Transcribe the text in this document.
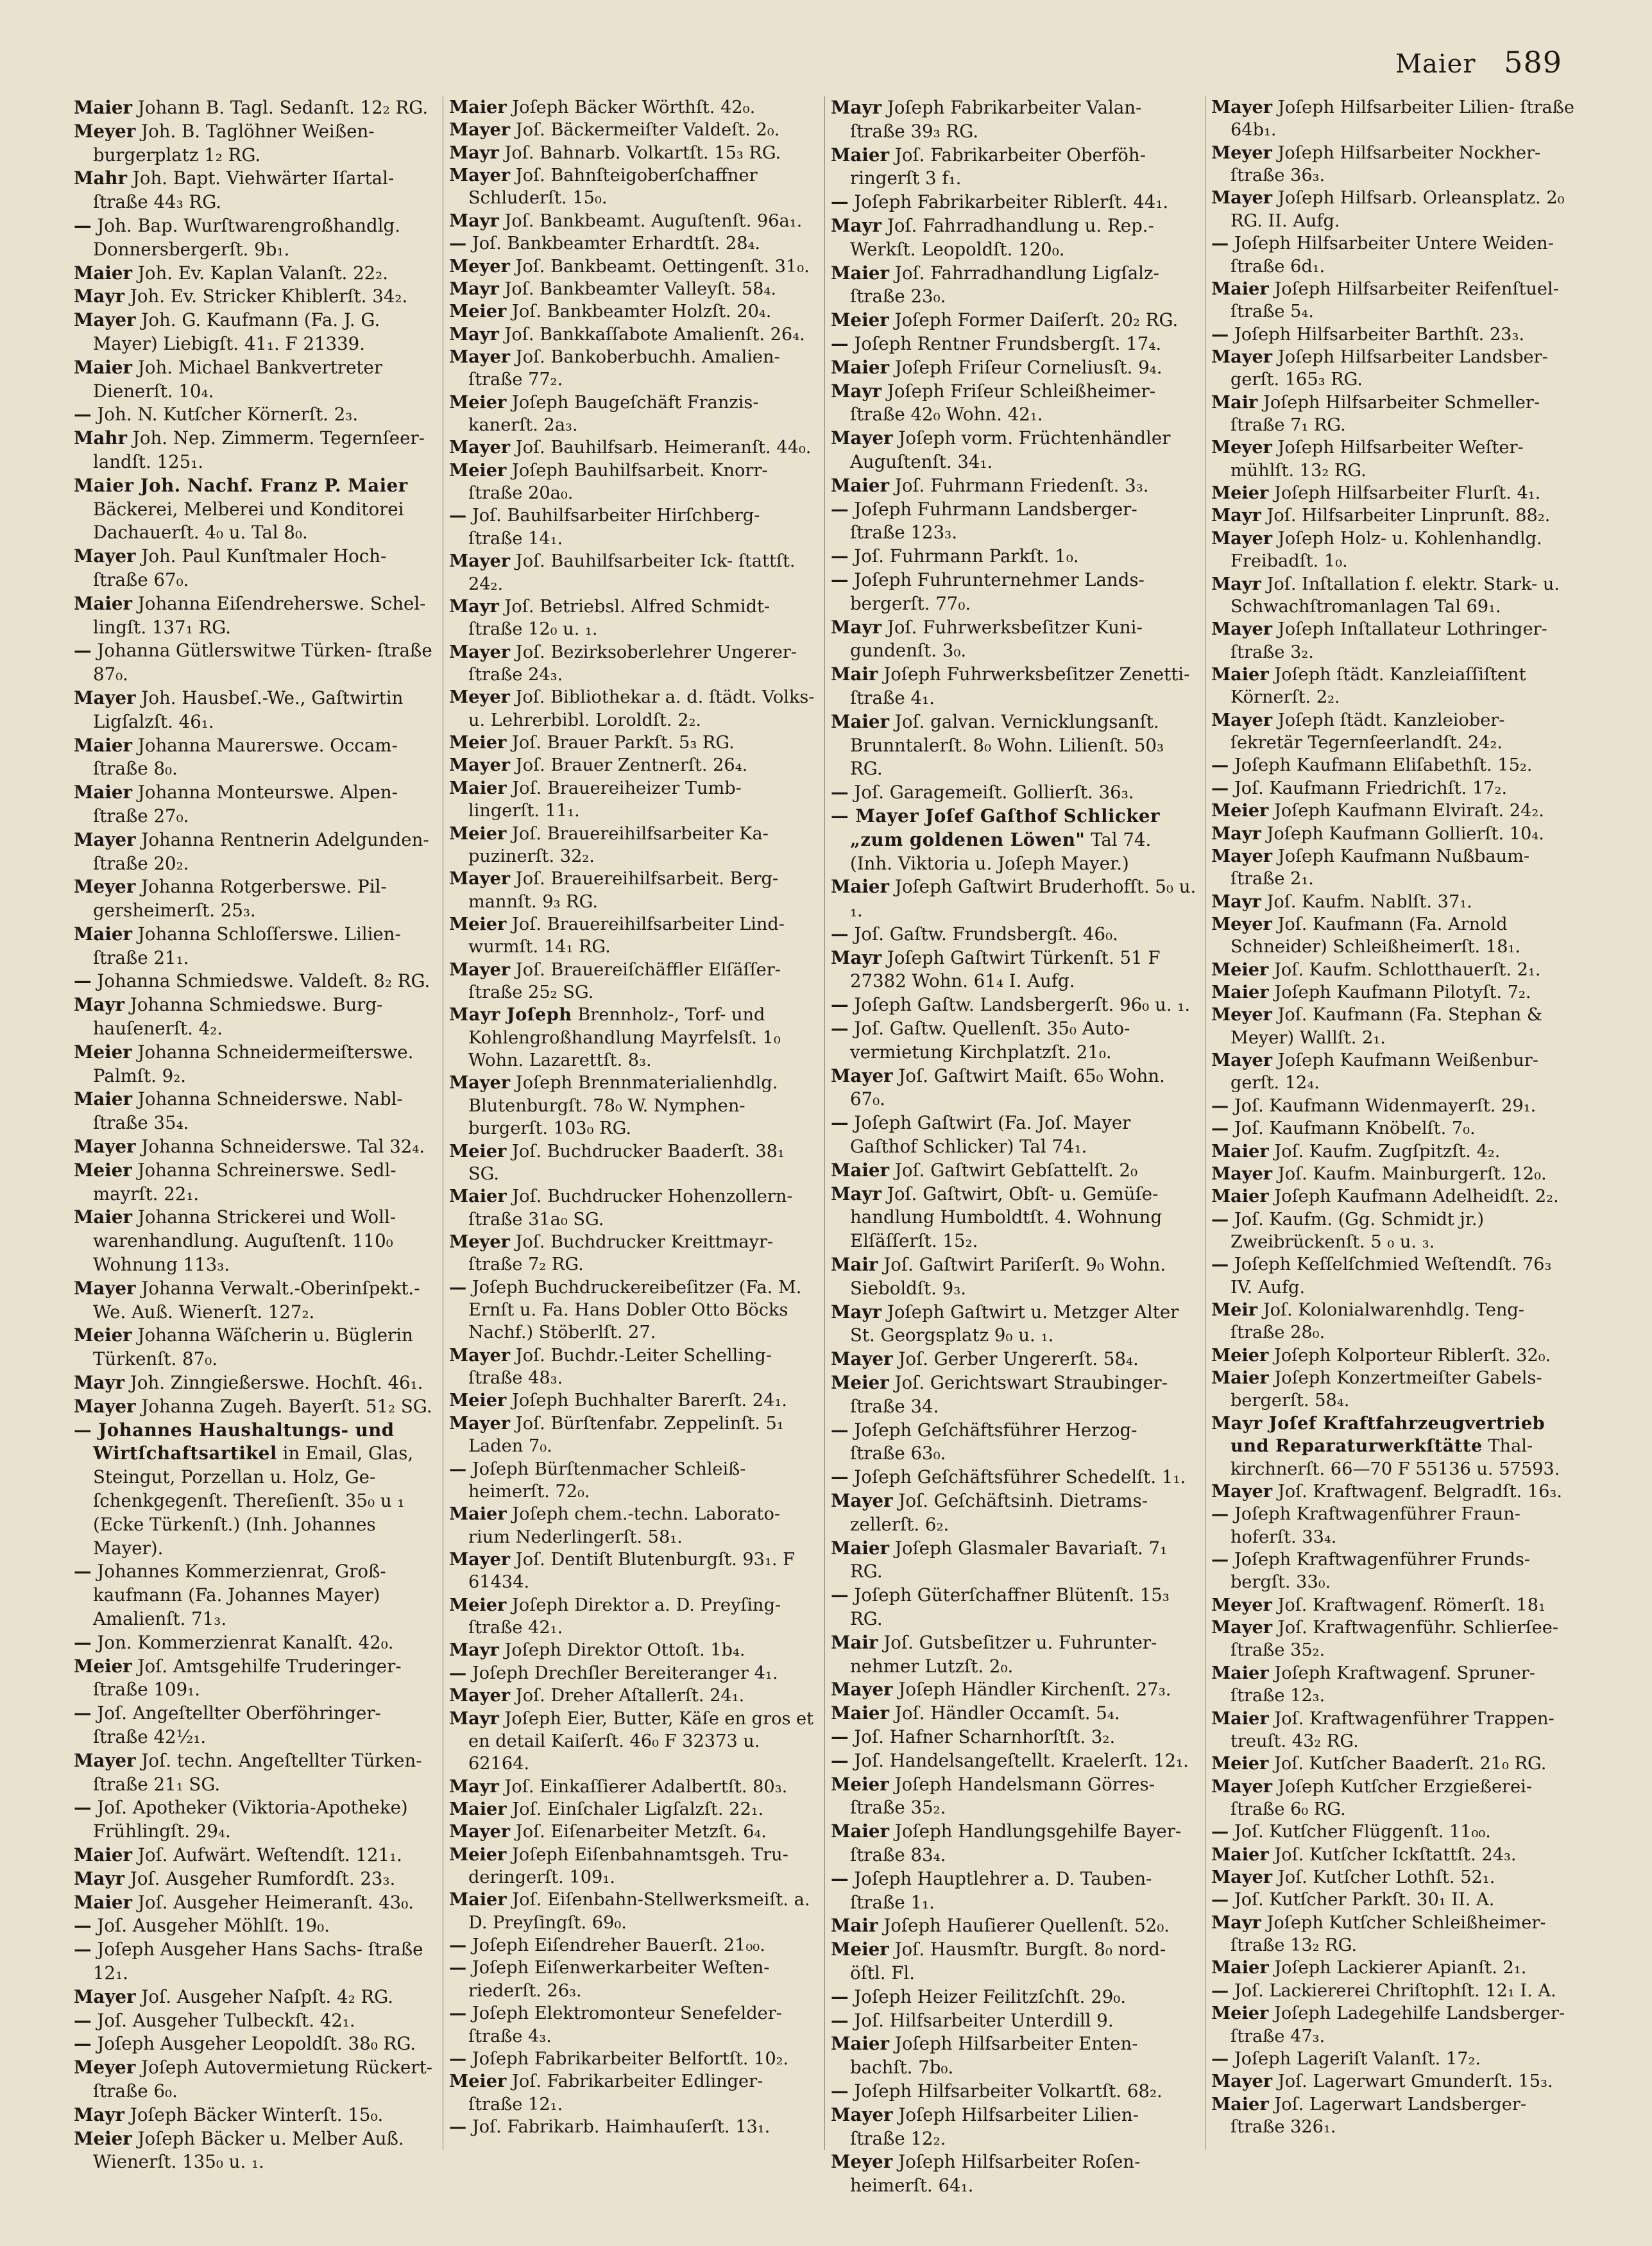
Maier 589
Maier Johann B. Tagl. Sedanſt. 12₂ RG.
Meyer Joh. B. Taglöhner Weißen- burgerplatz 1₂ RG.
Mahr Joh. Bapt. Viehwärter Iſartal- ſtraße 44₃ RG.
— Joh. Bap. Wurſtwarengroßhandlg. Donnersbergerſt. 9b₁.
Maier Joh. Ev. Kaplan Valanſt. 22₂.
Mayr Joh. Ev. Stricker Khiblerſt. 34₂.
Mayer Joh. G. Kaufmann (Fa. J. G. Mayer) Liebigſt. 41₁. F 21339.
Maier Joh. Michael Bankvertreter Dienerſt. 10₄.
— Joh. N. Kutſcher Körnerſt. 2₃.
Mahr Joh. Nep. Zimmerm. Tegernſeer- landſt. 125₁.
Maier Joh. Nachf. Franz P. Maier Bäckerei, Melberei und Konditorei Dachauerſt. 4₀ u. Tal 8₀.
Mayer Joh. Paul Kunſtmaler Hoch- ſtraße 67₀.
Maier Johanna Eiſendreherswe. Schel- lingſt. 137₁ RG.
— Johanna Gütlerswitwe Türken- ſtraße 87₀.
Mayer Joh. Hausbeſ.-We., Gaſtwirtin Ligſalzſt. 46₁.
Maier Johanna Maurerswe. Occam- ſtraße 8₀.
Maier Johanna Monteurswe. Alpen- ſtraße 27₀.
Mayer Johanna Rentnerin Adelgunden- ſtraße 20₂.
Meyer Johanna Rotgerberswe. Pil- gersheimerſt. 25₃.
Maier Johanna Schloſſerswe. Lilien- ſtraße 21₁.
— Johanna Schmiedswe. Valdeſt. 8₂ RG.
Mayr Johanna Schmiedswe. Burg- hauſenerſt. 4₂.
Meier Johanna Schneidermeiſterswe. Palmſt. 9₂.
Maier Johanna Schneiderswe. Nabl- ſtraße 35₄.
Mayer Johanna Schneiderswe. Tal 32₄.
Meier Johanna Schreinerswe. Sedl- mayrſt. 22₁.
Maier Johanna Strickerei und Woll- warenhandlung. Auguſtenſt. 110₀ Wohnung 113₃.
Mayer Johanna Verwalt.-Oberinſpekt.- We. Auß. Wienerſt. 127₂.
Meier Johanna Wäſcherin u. Büglerin Türkenſt. 87₀.
Mayr Joh. Zinngießerswe. Hochſt. 46₁.
Mayer Johanna Zugeh. Bayerſt. 51₂ SG.
— Johannes Haushaltungs- und Wirtſchaftsartikel in Email, Glas, Steingut, Porzellan u. Holz, Ge- ſchenkgegenſt. Thereſienſt. 35₀ u ₁ (Ecke Türkenſt.) (Inh. Johannes Mayer).
— Johannes Kommerzienrat, Groß- kaufmann (Fa. Johannes Mayer) Amalienſt. 71₃.
— Jon. Kommerzienrat Kanalſt. 42₀.
Meier Joſ. Amtsgehilfe Truderinger- ſtraße 109₁.
— Joſ. Angeſtellter Oberföhringer- ſtraße 42½₁.
Mayer Joſ. techn. Angeſtellter Türken- ſtraße 21₁ SG.
— Joſ. Apotheker (Viktoria-Apotheke) Frühlingſt. 29₄.
Maier Joſ. Aufwärt. Weſtendſt. 121₁.
Mayr Joſ. Ausgeher Rumfordſt. 23₃.
Maier Joſ. Ausgeher Heimeranſt. 43₀.
— Joſ. Ausgeher Möhlſt. 19₀.
— Joſeph Ausgeher Hans Sachs- ſtraße 12₁.
Mayer Joſ. Ausgeher Naſpſt. 4₂ RG.
— Joſ. Ausgeher Tulbeckſt. 42₁.
— Joſeph Ausgeher Leopoldſt. 38₀ RG.
Meyer Joſeph Autovermietung Rückert- ſtraße 6₀.
Mayr Joſeph Bäcker Winterſt. 15₀.
Meier Joſeph Bäcker u. Melber Auß. Wienerſt. 135₀ u. ₁.
Maier Joſeph Bäcker Wörthſt. 42₀.
Mayer Joſ. Bäckermeiſter Valdeſt. 2₀.
Mayr Joſ. Bahnarb. Volkartſt. 15₃ RG.
Mayer Joſ. Bahnſteigoberſchaffner Schluderſt. 15₀.
Mayr Joſ. Bankbeamt. Auguſtenſt. 96a₁.
— Joſ. Bankbeamter Erhardtſt. 28₄.
Meyer Joſ. Bankbeamt. Oettingenſt. 31₀.
Mayr Joſ. Bankbeamter Valleyſt. 58₄.
Meier Joſ. Bankbeamter Holzſt. 20₄.
Mayr Joſ. Bankkaſſabote Amalienſt. 26₄.
Mayer Joſ. Bankoberbuchh. Amalien- ſtraße 77₂.
Meier Joſeph Baugeſchäft Franzis- kanerſt. 2a₃.
Mayer Joſ. Bauhilfsarb. Heimeranſt. 44₀.
Meier Joſeph Bauhilfsarbeit. Knorr- ſtraße 20a₀.
— Joſ. Bauhilfsarbeiter Hirſchberg- ſtraße 14₁.
Mayer Joſ. Bauhilfsarbeiter Ick- ſtattſt. 24₂.
Mayr Joſ. Betriebsl. Alfred Schmidt- ſtraße 12₀ u. ₁.
Mayer Joſ. Bezirksoberlehrer Ungerer- ſtraße 24₃.
Meyer Joſ. Bibliothekar a. d. ſtädt. Volks- u. Lehrerbibl. Loroldſt. 2₂.
Meier Joſ. Brauer Parkſt. 5₃ RG.
Mayer Joſ. Brauer Zentnerſt. 26₄.
Maier Joſ. Brauereiheizer Tumb- lingerſt. 11₁.
Meier Joſ. Brauereihilfsarbeiter Ka- puzinerſt. 32₂.
Mayer Joſ. Brauereihilfsarbeit. Berg- mannſt. 9₃ RG.
Meier Joſ. Brauereihilfsarbeiter Lind- wurmſt. 14₁ RG.
Mayer Joſ. Brauereiſchäffler Elſäſſer- ſtraße 25₂ SG.
Mayr Joſeph Brennholz-, Torf- und Kohlengroßhandlung Mayrfelsſt. 1₀ Wohn. Lazarettſt. 8₃.
Mayer Joſeph Brennmaterialienhdlg. Blutenburgſt. 78₀ W. Nymphen- burgerſt. 103₀ RG.
Meier Joſ. Buchdrucker Baaderſt. 38₁ SG.
Maier Joſ. Buchdrucker Hohenzollern- ſtraße 31a₀ SG.
Meyer Joſ. Buchdrucker Kreittmayr- ſtraße 7₂ RG.
— Joſeph Buchdruckereibeſitzer (Fa. M. Ernſt u. Fa. Hans Dobler Otto Böcks Nachf.) Stöberlſt. 27.
Mayer Joſ. Buchdr.-Leiter Schelling- ſtraße 48₃.
Meier Joſeph Buchhalter Barerſt. 24₁.
Mayer Joſ. Bürſtenfabr. Zeppelinſt. 5₁ Laden 7₀.
— Joſeph Bürſtenmacher Schleiß- heimerſt. 72₀.
Maier Joſeph chem.-techn. Laborato- rium Nederlingerſt. 58₁.
Mayer Joſ. Dentiſt Blutenburgſt. 93₁. F 61434.
Meier Joſeph Direktor a. D. Preyſing- ſtraße 42₁.
Mayr Joſeph Direktor Ottoſt. 1b₄.
— Joſeph Drechſler Bereiteranger 4₁.
Mayer Joſ. Dreher Aſtallerſt. 24₁.
Mayr Joſeph Eier, Butter, Käſe en gros et en detail Kaiſerſt. 46₀ F 32373 u. 62164.
Mayr Joſ. Einkaſſierer Adalbertſt. 80₃.
Maier Joſ. Einſchaler Ligſalzſt. 22₁.
Mayer Joſ. Eiſenarbeiter Metzſt. 6₄.
Meier Joſeph Eiſenbahnamtsgeh. Tru- deringerſt. 109₁.
Maier Joſ. Eiſenbahn-Stellwerksmeiſt. a. D. Preyſingſt. 69₀.
— Joſeph Eiſendreher Bauerſt. 21₀₀.
— Joſeph Eiſenwerkarbeiter Weſten- riederſt. 26₃.
— Joſeph Elektromonteur Senefelder- ſtraße 4₃.
— Joſeph Fabrikarbeiter Belfortſt. 10₂.
Meier Joſ. Fabrikarbeiter Edlinger- ſtraße 12₁.
— Joſ. Fabrikarb. Haimhauſerſt. 13₁.
Mayr Joſeph Fabrikarbeiter Valan- ſtraße 39₃ RG.
Maier Joſ. Fabrikarbeiter Oberföh- ringerſt 3 f₁.
— Joſeph Fabrikarbeiter Riblerſt. 44₁.
Mayr Joſ. Fahrradhandlung u. Rep.- Werkſt. Leopoldſt. 120₀.
Maier Joſ. Fahrradhandlung Ligſalz- ſtraße 23₀.
Meier Joſeph Former Daiſerſt. 20₂ RG.
— Joſeph Rentner Frundsbergſt. 17₄.
Maier Joſeph Friſeur Corneliusſt. 9₄.
Mayr Joſeph Friſeur Schleißheimer- ſtraße 42₀ Wohn. 42₁.
Mayer Joſeph vorm. Früchtenhändler Auguſtenſt. 34₁.
Maier Joſ. Fuhrmann Friedenſt. 3₃.
— Joſeph Fuhrmann Landsberger- ſtraße 123₃.
— Joſ. Fuhrmann Parkſt. 1₀.
— Joſeph Fuhrunternehmer Lands- bergerſt. 77₀.
Mayr Joſ. Fuhrwerksbeſitzer Kuni- gundenſt. 3₀.
Mair Joſeph Fuhrwerksbeſitzer Zenetti- ſtraße 4₁.
Maier Joſ. galvan. Vernicklungsanſt. Brunntalerſt. 8₀ Wohn. Lilienſt. 50₃ RG.
— Joſ. Garagemeiſt. Gollierſt. 36₃.
— Mayer Joſef Gaſthof Schlicker „zum goldenen Löwen" Tal 74. (Inh. Viktoria u. Joſeph Mayer.)
Maier Joſeph Gaſtwirt Bruderhofſt. 5₀ u. ₁.
— Joſ. Gaſtw. Frundsbergſt. 46₀.
Mayr Joſeph Gaſtwirt Türkenſt. 51 F 27382 Wohn. 61₄ I. Aufg.
— Joſeph Gaſtw. Landsbergerſt. 96₀ u. ₁.
— Joſ. Gaſtw. Quellenſt. 35₀ Auto- vermietung Kirchplatzſt. 21₀.
Mayer Joſ. Gaſtwirt Maiſt. 65₀ Wohn. 67₀.
— Joſeph Gaſtwirt (Fa. Joſ. Mayer Gaſthof Schlicker) Tal 74₁.
Maier Joſ. Gaſtwirt Gebſattelſt. 2₀
Mayr Joſ. Gaſtwirt, Obſt- u. Gemüſe- handlung Humboldtſt. 4. Wohnung Elſäſſerſt. 15₂.
Mair Joſ. Gaſtwirt Pariſerſt. 9₀ Wohn. Sieboldſt. 9₃.
Mayr Joſeph Gaſtwirt u. Metzger Alter St. Georgsplatz 9₀ u. ₁.
Mayer Joſ. Gerber Ungererſt. 58₄.
Meier Joſ. Gerichtswart Straubinger- ſtraße 34.
— Joſeph Geſchäftsführer Herzog- ſtraße 63₀.
— Joſeph Geſchäftsführer Schedelſt. 1₁.
Mayer Joſ. Geſchäftsinh. Dietrams- zellerſt. 6₂.
Maier Joſeph Glasmaler Bavariaſt. 7₁ RG.
— Joſeph Güterſchaffner Blütenſt. 15₃ RG.
Mair Joſ. Gutsbeſitzer u. Fuhrunter- nehmer Lutzſt. 2₀.
Mayer Joſeph Händler Kirchenſt. 27₃.
Maier Joſ. Händler Occamſt. 5₄.
— Joſ. Hafner Scharnhorſtſt. 3₂.
— Joſ. Handelsangeſtellt. Kraelerſt. 12₁.
Meier Joſeph Handelsmann Görres- ſtraße 35₂.
Maier Joſeph Handlungsgehilfe Bayer- ſtraße 83₄.
— Joſeph Hauptlehrer a. D. Tauben- ſtraße 1₁.
Mair Joſeph Hauſierer Quellenſt. 52₀.
Meier Joſ. Hausmſtr. Burgſt. 8₀ nord- öſtl. Fl.
— Joſeph Heizer Feilitzſchſt. 29₀.
— Joſ. Hilfsarbeiter Unterdill 9.
Maier Joſeph Hilfsarbeiter Enten- bachſt. 7b₀.
— Joſeph Hilfsarbeiter Volkartſt. 68₂.
Mayer Joſeph Hilfsarbeiter Lilien- ſtraße 12₂.
Meyer Joſeph Hilfsarbeiter Roſen- heimerſt. 64₁.
Mayer Joſeph Hilfsarbeiter Lilien- ſtraße 64b₁.
Meyer Joſeph Hilfsarbeiter Nockher- ſtraße 36₃.
Mayer Joſeph Hilfsarb. Orleansplatz. 2₀ RG. II. Aufg.
— Joſeph Hilfsarbeiter Untere Weiden- ſtraße 6d₁.
Maier Joſeph Hilfsarbeiter Reifenſtuel- ſtraße 5₄.
— Joſeph Hilfsarbeiter Barthſt. 23₃.
Mayer Joſeph Hilfsarbeiter Landsber- gerſt. 165₃ RG.
Mair Joſeph Hilfsarbeiter Schmeller- ſtraße 7₁ RG.
Meyer Joſeph Hilfsarbeiter Weſter- mühlſt. 13₂ RG.
Meier Joſeph Hilfsarbeiter Flurſt. 4₁.
Mayr Joſ. Hilfsarbeiter Linprunſt. 88₂.
Mayer Joſeph Holz- u. Kohlenhandlg. Freibadſt. 1₀.
Mayr Joſ. Inſtallation f. elektr. Stark- u. Schwachſtromanlagen Tal 69₁.
Mayer Joſeph Inſtallateur Lothringer- ſtraße 3₂.
Maier Joſeph ſtädt. Kanzleiaſſiſtent Körnerſt. 2₂.
Mayer Joſeph ſtädt. Kanzleiober- ſekretär Tegernſeerlandſt. 24₂.
— Joſeph Kaufmann Eliſabethſt. 15₂.
— Joſ. Kaufmann Friedrichſt. 17₂.
Meier Joſeph Kaufmann Elviraſt. 24₂.
Mayr Joſeph Kaufmann Gollierſt. 10₄.
Mayer Joſeph Kaufmann Nußbaum- ſtraße 2₁.
Mayr Joſ. Kaufm. Nablſt. 37₁.
Meyer Joſ. Kaufmann (Fa. Arnold Schneider) Schleißheimerſt. 18₁.
Meier Joſ. Kaufm. Schlotthauerſt. 2₁.
Maier Joſeph Kaufmann Pilotyſt. 7₂.
Meyer Joſ. Kaufmann (Fa. Stephan & Meyer) Wallſt. 2₁.
Mayer Joſeph Kaufmann Weißenbur- gerſt. 12₄.
— Joſ. Kaufmann Widenmayerſt. 29₁.
— Joſ. Kaufmann Knöbelſt. 7₀.
Maier Joſ. Kaufm. Zugſpitzſt. 4₂.
Mayer Joſ. Kaufm. Mainburgerſt. 12₀.
Maier Joſeph Kaufmann Adelheidſt. 2₂.
— Joſ. Kaufm. (Gg. Schmidt jr.) Zweibrückenſt. 5 ₀ u. ₃.
— Joſeph Keſſelſchmied Weſtendſt. 76₃ IV. Aufg.
Meir Joſ. Kolonialwarenhdlg. Teng- ſtraße 28₀.
Meier Joſeph Kolporteur Riblerſt. 32₀.
Maier Joſeph Konzertmeiſter Gabels- bergerſt. 58₄.
Mayr Joſef Kraftfahrzeugvertrieb und Reparaturwerkſtätte Thal- kirchnerſt. 66—70 F 55136 u. 57593.
Mayer Joſ. Kraftwagenf. Belgradſt. 16₃.
— Joſeph Kraftwagenführer Fraun- hoferſt. 33₄.
— Joſeph Kraftwagenführer Frunds- bergſt. 33₀.
Meyer Joſ. Kraftwagenf. Römerſt. 18₁
Mayer Joſ. Kraftwagenführ. Schlierſee- ſtraße 35₂.
Maier Joſeph Kraftwagenf. Spruner- ſtraße 12₃.
Maier Joſ. Kraftwagenführer Trappen- treuſt. 43₂ RG.
Meier Joſ. Kutſcher Baaderſt. 21₀ RG.
Mayer Joſeph Kutſcher Erzgießerei- ſtraße 6₀ RG.
— Joſ. Kutſcher Flüggenſt. 11₀₀.
Maier Joſ. Kutſcher Ickſtattſt. 24₃.
Mayer Joſ. Kutſcher Lothſt. 52₁.
— Joſ. Kutſcher Parkſt. 30₁ II. A.
Mayr Joſeph Kutſcher Schleißheimer- ſtraße 13₂ RG.
Maier Joſeph Lackierer Apianſt. 2₁.
— Joſ. Lackiererei Chriſtophſt. 12₁ I. A.
Meier Joſeph Ladegehilfe Landsberger- ſtraße 47₃.
— Joſeph Lageriſt Valanſt. 17₂.
Mayer Joſ. Lagerwart Gmunderſt. 15₃.
Maier Joſ. Lagerwart Landsberger- ſtraße 326₁.
